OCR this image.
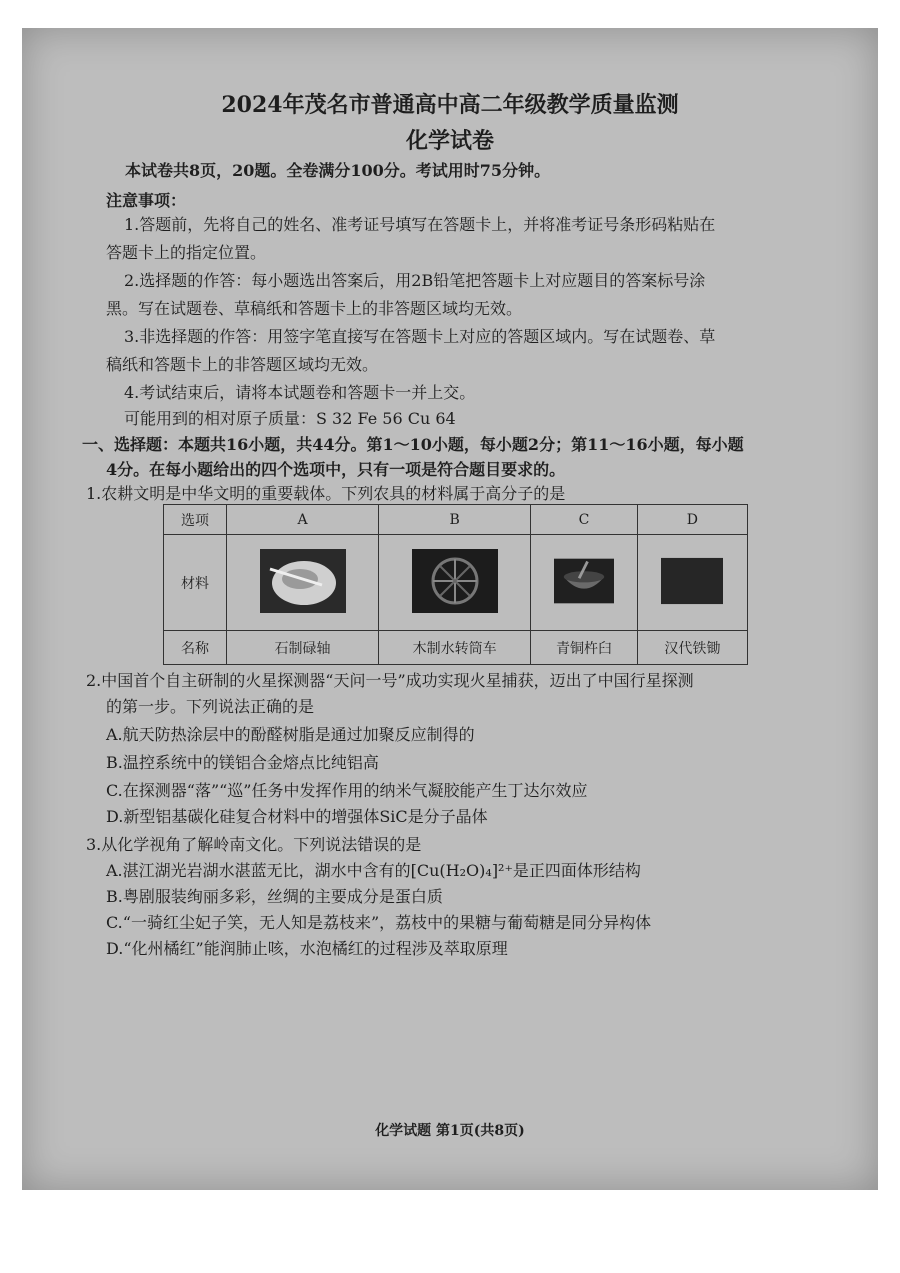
2024年茂名市普通高中高二年级教学质量监测
化学试卷
本试卷共8页，20题。全卷满分100分。考试用时75分钟。
注意事项：
1.答题前，先将自己的姓名、准考证号填写在答题卡上，并将准考证号条形码粘贴在
答题卡上的指定位置。
2.选择题的作答：每小题选出答案后，用2B铅笔把答题卡上对应题目的答案标号涂
黑。写在试题卷、草稿纸和答题卡上的非答题区域均无效。
3.非选择题的作答：用签字笔直接写在答题卡上对应的答题区域内。写在试题卷、草
稿纸和答题卡上的非答题区域均无效。
4.考试结束后，请将本试题卷和答题卡一并上交。
可能用到的相对原子质量：S 32 Fe 56 Cu 64
一、选择题：本题共16小题，共44分。第1～10小题，每小题2分；第11～16小题，每小题
4分。在每小题给出的四个选项中，只有一项是符合题目要求的。
1.农耕文明是中华文明的重要载体。下列农具的材料属于高分子的是
选项	A	B	C	D
材料				
名称	石制碌轴	木制水转筒车	青铜杵臼	汉代铁锄
2.中国首个自主研制的火星探测器“天问一号”成功实现火星捕获，迈出了中国行星探测
的第一步。下列说法正确的是
A.航天防热涂层中的酚醛树脂是通过加聚反应制得的
B.温控系统中的镁铝合金熔点比纯铝高
C.在探测器“落”“巡”任务中发挥作用的纳米气凝胶能产生丁达尔效应
D.新型铝基碳化硅复合材料中的增强体SiC是分子晶体
3.从化学视角了解岭南文化。下列说法错误的是
A.湛江湖光岩湖水湛蓝无比，湖水中含有的[Cu(H₂O)₄]²⁺是正四面体形结构
B.粤剧服装绚丽多彩，丝绸的主要成分是蛋白质
C.“一骑红尘妃子笑，无人知是荔枝来”，荔枝中的果糖与葡萄糖是同分异构体
D.“化州橘红”能润肺止咳，水泡橘红的过程涉及萃取原理
化学试题 第1页(共8页)
